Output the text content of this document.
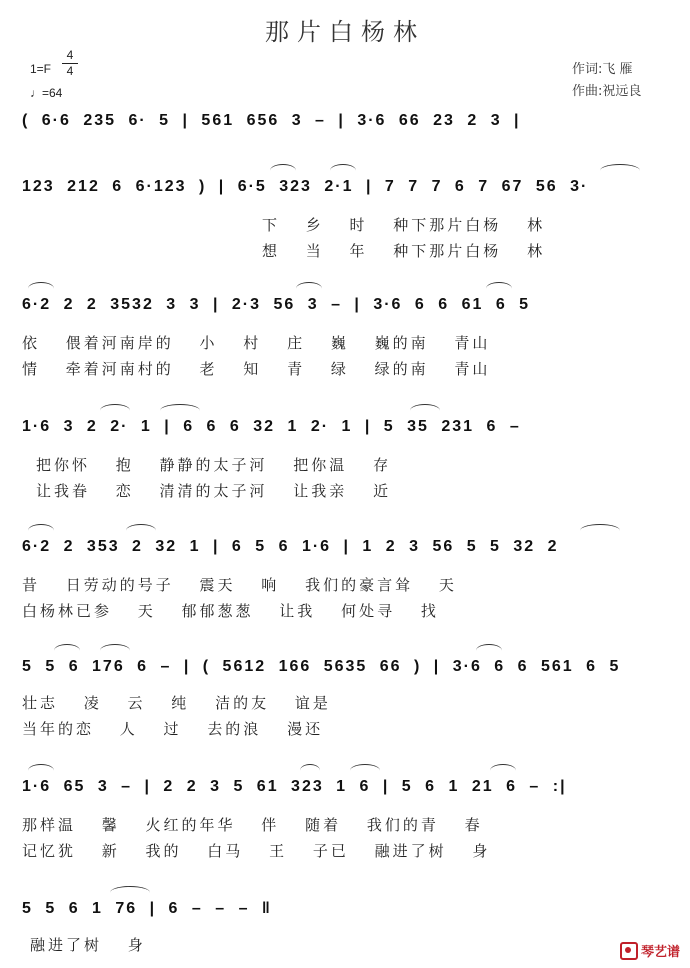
那片白杨林
1=F
4
4
♩=64
作词:飞 雁
作曲:祝远良
( 6·6 235 6· 5 | 561 656 3 – | 3·6 66 23 2 3 |
123 212 6 6·123 ) | 6·5 323 2·1 | 7 7 7 6 7 67 56 3·
下 乡 时 种下那片白杨 林
想 当 年 种下那片白杨 林
6·2 2 2 3532 3 3 | 2·3 56 3 – | 3·6 6 6 61 6 5
依 偎着河南岸的 小 村 庄 巍 巍的南 青山
情 牵着河南村的 老 知 青 绿 绿的南 青山
1·6 3 2 2· 1 | 6 6 6 32 1 2· 1 | 5 35 231 6 –
把你怀 抱 静静的太子河 把你温 存
让我眷 恋 清清的太子河 让我亲 近
6·2 2 353 2 32 1 | 6 5 6 1·6 | 1 2 3 56 5 5 32 2
昔 日劳动的号子 震天 响 我们的豪言耸 天
白杨林已参 天 郁郁葱葱 让我 何处寻 找
5 5 6 176 6 – | ( 5612 166 5635 66 ) | 3·6 6 6 561 6 5
壮志 凌 云 纯 洁的友 谊是
当年的恋 人 过 去的浪 漫还
1·6 65 3 – | 2 2 3 5 61 323 1 6 | 5 6 1 21 6 – :|
那样温 馨 火红的年华 伴 随着 我们的青 春
记忆犹 新 我的 白马 王 子已 融进了树 身
5 5 6 1 76 | 6 – – – ‖
融进了树 身	琴艺谱
